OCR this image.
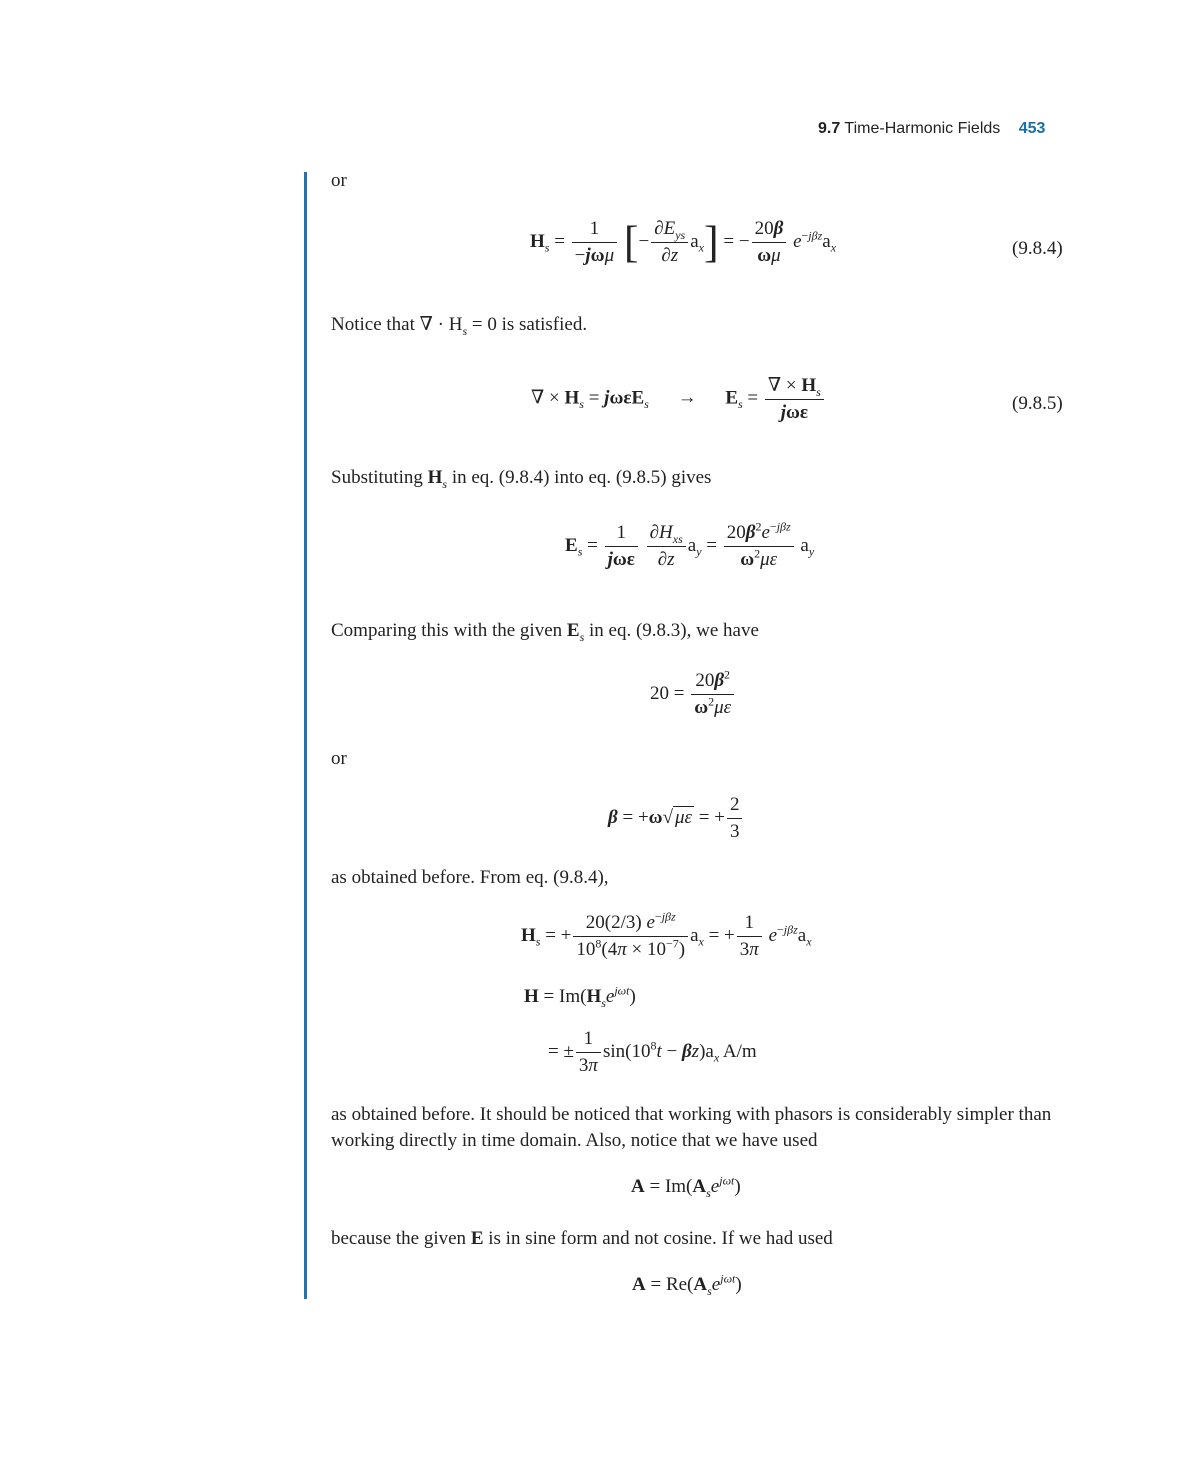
9.7 Time-Harmonic Fields 453
or
$H_s = \frac{1}{\text{−jωμ}}$ [− $\frac{\partial E_{ys}}{\partial z} a_x$] = − $\frac{20\beta}{\omega\mu} e^{-j\beta z}a_x$	(9.8.4)
Notice that ∇ · $H_s = 0$ is satisfied.
∇ × $H_s = j\omega\varepsilon E_s \to E_s = \frac{\nabla \times H_s}{\text{jωε}}$	(9.8.5)
Substituting $H_s$ in eq. (9.8.4) into eq. (9.8.5) gives
$E_s = \frac{1}{\text{jωε}}$
$\frac{\partial H_{xs}}{\partial z} a_y = \frac{20\beta^2e^{-j\beta z}}{\omega^2\mu\varepsilon} a_y$
Comparing this with the given $E_s$ in eq. (9.8.3), we have
$20 = \frac{20\beta^2}{\omega^2\mu\varepsilon}$
or
β = +ω√ με = + $\frac{2}{3}$
as obtained before. From eq. (9.8.4),
$H_s$ = + $\frac{20(2/3) e^{-j\beta z}}{10^8(4\pi \times 10^{-7})} a_x$ = + $\frac{1}{3\pi} e^{-j\beta z}a_x$
$H = Im(H_se^{j\omega t})$
= ± $\frac{1}{3\pi} \sin(10^8t - \beta z)a_x$ A/m
as obtained before. It should be noticed that working with phasors is considerably simpler than
working directly in time domain. Also, notice that we have used
$A = Im(A_se^{j\omega t})$
because the given E is in sine form and not cosine. If we had used
$A = Re(A_se^{j\omega t})$
